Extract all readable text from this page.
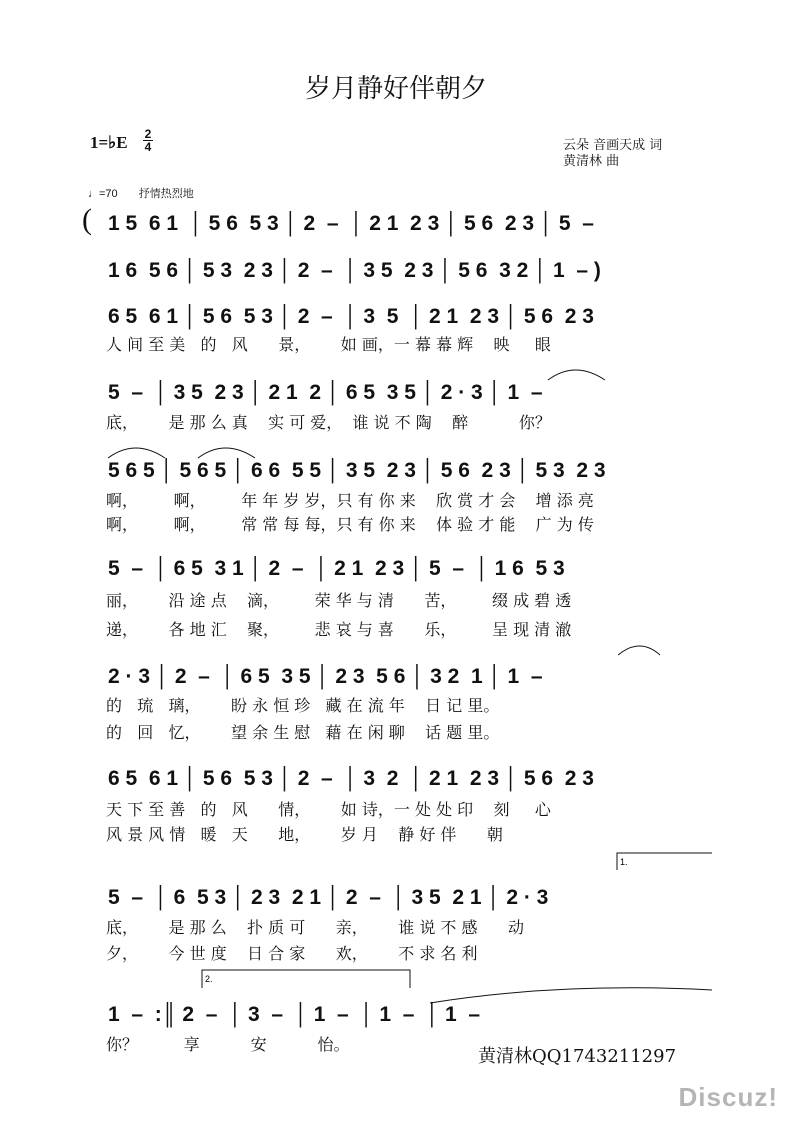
岁月静好伴朝夕
1=♭E 2
4	云朵 音画天成 词
黄清林 曲
♩=70 抒情热烈地
( 1 5  6 1  │ 5 6  5 3 │ 2  –  │ 2 1  2 3 │ 5 6  2 3 │ 5  –
1 6  5 6 │ 5 3  2 3 │ 2  –  │ 3 5  2 3 │ 5 6  3 2 │ 1  – )
6 5  6 1 │ 5 6  5 3 │ 2  –  │ 3  5  │ 2 1  2 3 │ 5 6  2 3
人 间 至 美   的   风      景，      如 画，一 幕 幕 辉    映     眼
5  –  │ 3 5  2 3 │ 2 1  2 │ 6 5  3 5 │ 2 · 3 │ 1  –
底，      是 那 么 真    实 可 爱，  谁 说 不 陶    醉          你？
5 6 5 │ 5 6 5 │ 6 6  5 5 │ 3 5  2 3 │ 5 6  2 3 │ 5 3  2 3
啊，       啊，       年 年 岁 岁，只 有 你 来    欣 赏 才 会    增 添 亮
啊，       啊，       常 常 每 每，只 有 你 来    体 验 才 能    广 为 传
5  –  │ 6 5  3 1 │ 2  –  │ 2 1  2 3 │ 5  –  │ 1 6  5 3
丽，      沿 途 点    滴，       荣 华 与 清      苦，       缀 成 碧 透
递，      各 地 汇    聚，       悲 哀 与 喜      乐，       呈 现 清 澈
2 · 3 │ 2  –  │ 6 5  3 5 │ 2 3  5 6 │ 3 2  1 │ 1  –
的   琉   璃，      盼 永 恒 珍   藏 在 流 年    日 记 里。
的   回   忆，      望 余 生 慰   藉 在 闲 聊    话 题 里。
6 5  6 1 │ 5 6  5 3 │ 2  –  │ 3  2  │ 2 1  2 3 │ 5 6  2 3
天 下 至 善   的   风      情，      如 诗，一 处 处 印    刻     心
风 景 风 情   暖   天      地，      岁 月    静 好 伴      朝
5  –  │ 6  5 3 │ 2 3  2 1 │ 2  –  │ 3 5  2 1 │ 2 · 3
底，      是 那 么    扑 质 可      亲，      谁 说 不 感      动
夕，      今 世 度    日 合 家      欢，      不 求 名 利
1  –  :║ 2  –  │ 3  –  │ 1  –  │ 1  –  │ 1  –
你？         享          安          怡。
1.
2.
黄清林QQ1743211297
Discuz!
